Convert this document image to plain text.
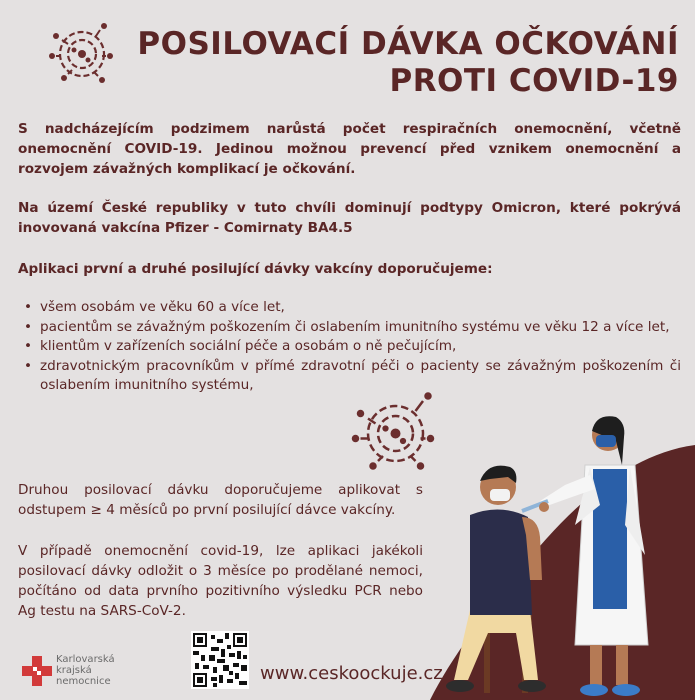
POSILOVACÍ DÁVKA OČKOVÁNÍ
PROTI COVID-19

S nadcházejícím podzimem narůstá počet respiračních onemocnění, včetně onemocnění COVID-19. Jedinou možnou prevencí před vznikem onemocnění a rozvojem závažných komplikací je očkování.

Na území České republiky v tuto chvíli dominují podtypy Omicron, které pokrývá inovovaná vakcína Pfizer - Comirnaty BA4.5

Aplikaci první a druhé posilující dávky vakcíny doporučujeme:

• všem osobám ve věku 60 a více let,
• pacientům se závažným poškozením či oslabením imunitního systému ve věku 12 a více let,
• klientům v zařízeních sociální péče a osobám o ně pečujícím,
• zdravotnickým pracovníkům v přímé zdravotní péči o pacienty se závažným poškozením či oslabením imunitního systému,

Druhou posilovací dávku doporučujeme aplikovat s odstupem ≥ 4 měsíců po první posilující dávce vakcíny.

V případě onemocnění covid-19, lze aplikaci jakékoli posilovací dávky odložit o 3 měsíce po prodělané nemoci, počítáno od data prvního pozitivního výsledku PCR nebo Ag testu na SARS-CoV-2.

Karlovarská
krajská
nemocnice	www.ceskoockuje.cz
